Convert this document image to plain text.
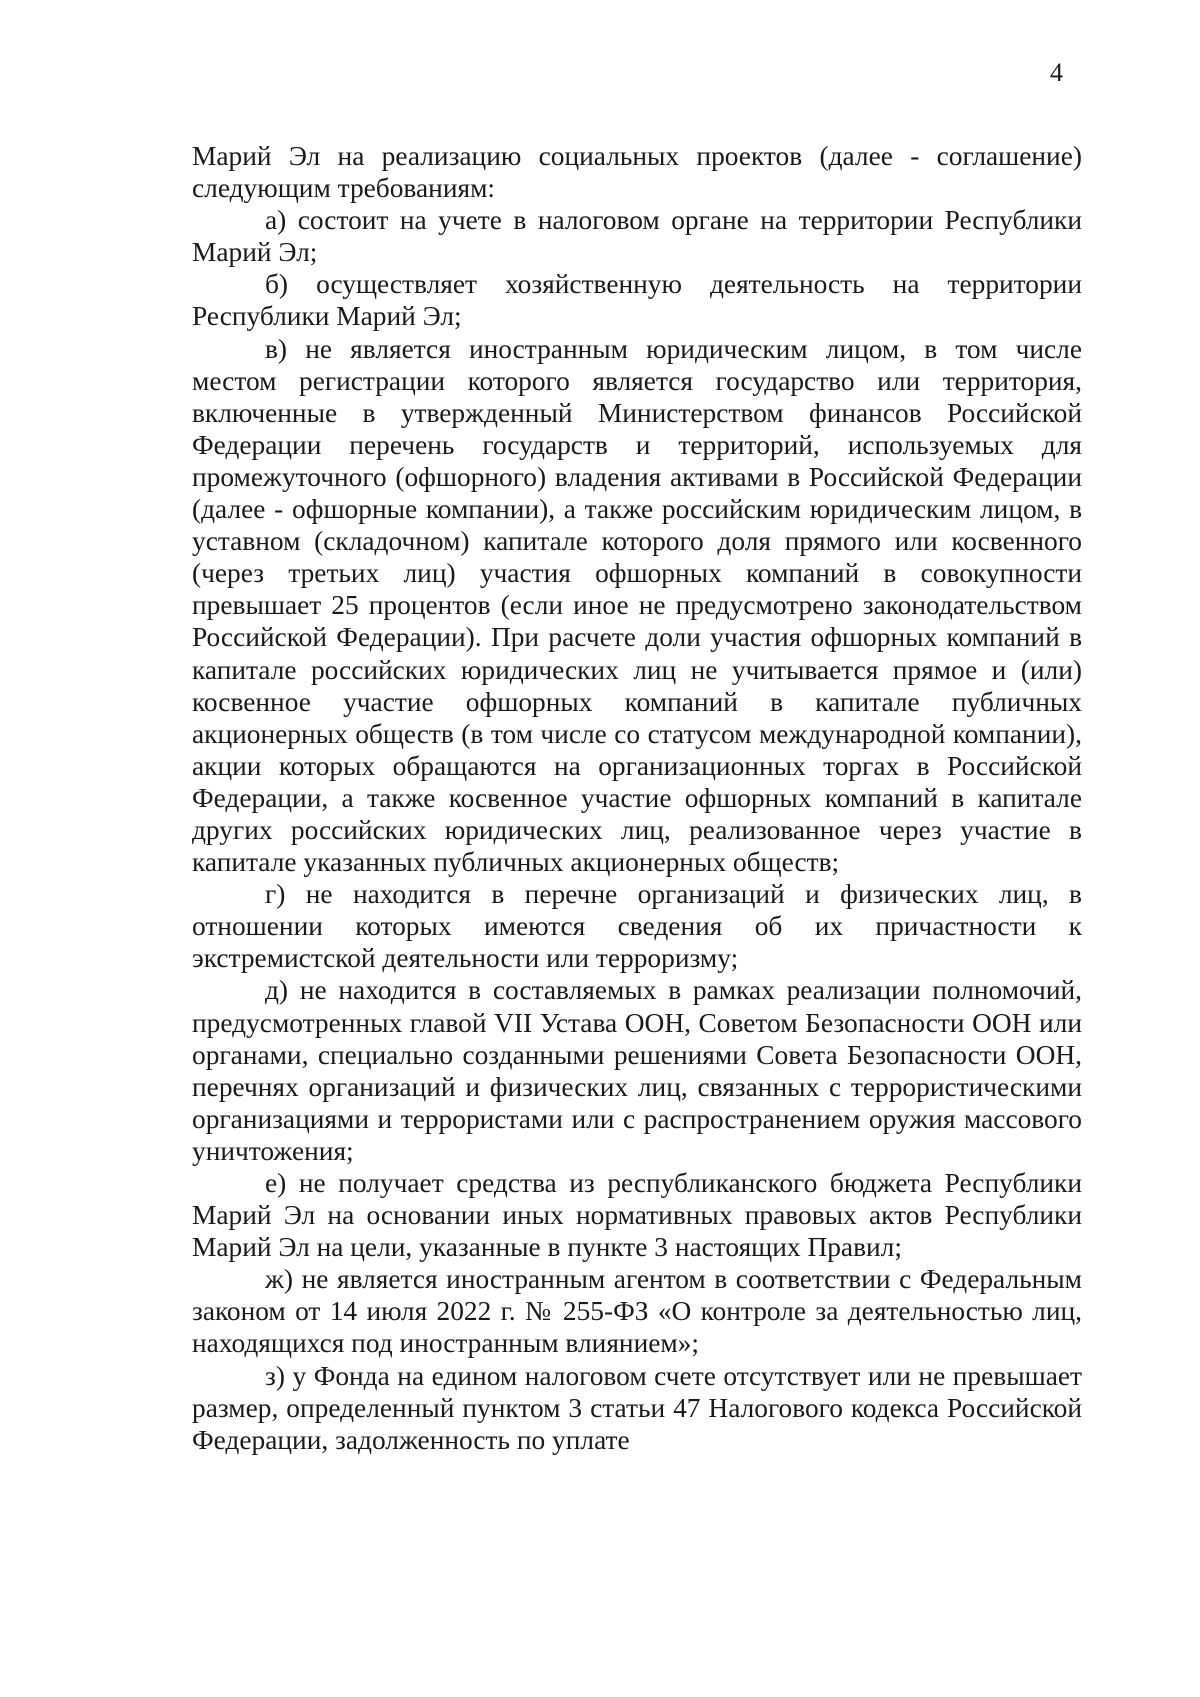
4

Марий Эл на реализацию социальных проектов (далее - соглашение) следующим требованиям:

а) состоит на учете в налоговом органе на территории Республики Марий Эл;

б) осуществляет хозяйственную деятельность на территории Республики Марий Эл;

в) не является иностранным юридическим лицом, в том числе местом регистрации которого является государство или территория, включенные в утвержденный Министерством финансов Российской Федерации перечень государств и территорий, используемых для промежуточного (офшорного) владения активами в Российской Федерации (далее - офшорные компании), а также российским юридическим лицом, в уставном (складочном) капитале которого доля прямого или косвенного (через третьих лиц) участия офшорных компаний в совокупности превышает 25 процентов (если иное не предусмотрено законодательством Российской Федерации). При расчете доли участия офшорных компаний в капитале российских юридических лиц не учитывается прямое и (или) косвенное участие офшорных компаний в капитале публичных акционерных обществ (в том числе со статусом международной компании), акции которых обращаются на организационных торгах в Российской Федерации, а также косвенное участие офшорных компаний в капитале других российских юридических лиц, реализованное через участие в капитале указанных публичных акционерных обществ;

г) не находится в перечне организаций и физических лиц, в отношении которых имеются сведения об их причастности к экстремистской деятельности или терроризму;

д) не находится в составляемых в рамках реализации полномочий, предусмотренных главой VII Устава ООН, Советом Безопасности ООН или органами, специально созданными решениями Совета Безопасности ООН, перечнях организаций и физических лиц, связанных с террористическими организациями и террористами или с распространением оружия массового уничтожения;

е) не получает средства из республиканского бюджета Республики Марий Эл на основании иных нормативных правовых актов Республики Марий Эл на цели, указанные в пункте 3 настоящих Правил;

ж) не является иностранным агентом в соответствии с Федеральным законом от 14 июля 2022 г. № 255-ФЗ «О контроле за деятельностью лиц, находящихся под иностранным влиянием»;

з) у Фонда на едином налоговом счете отсутствует или не превышает размер, определенный пунктом 3 статьи 47 Налогового кодекса Российской Федерации, задолженность по уплате
